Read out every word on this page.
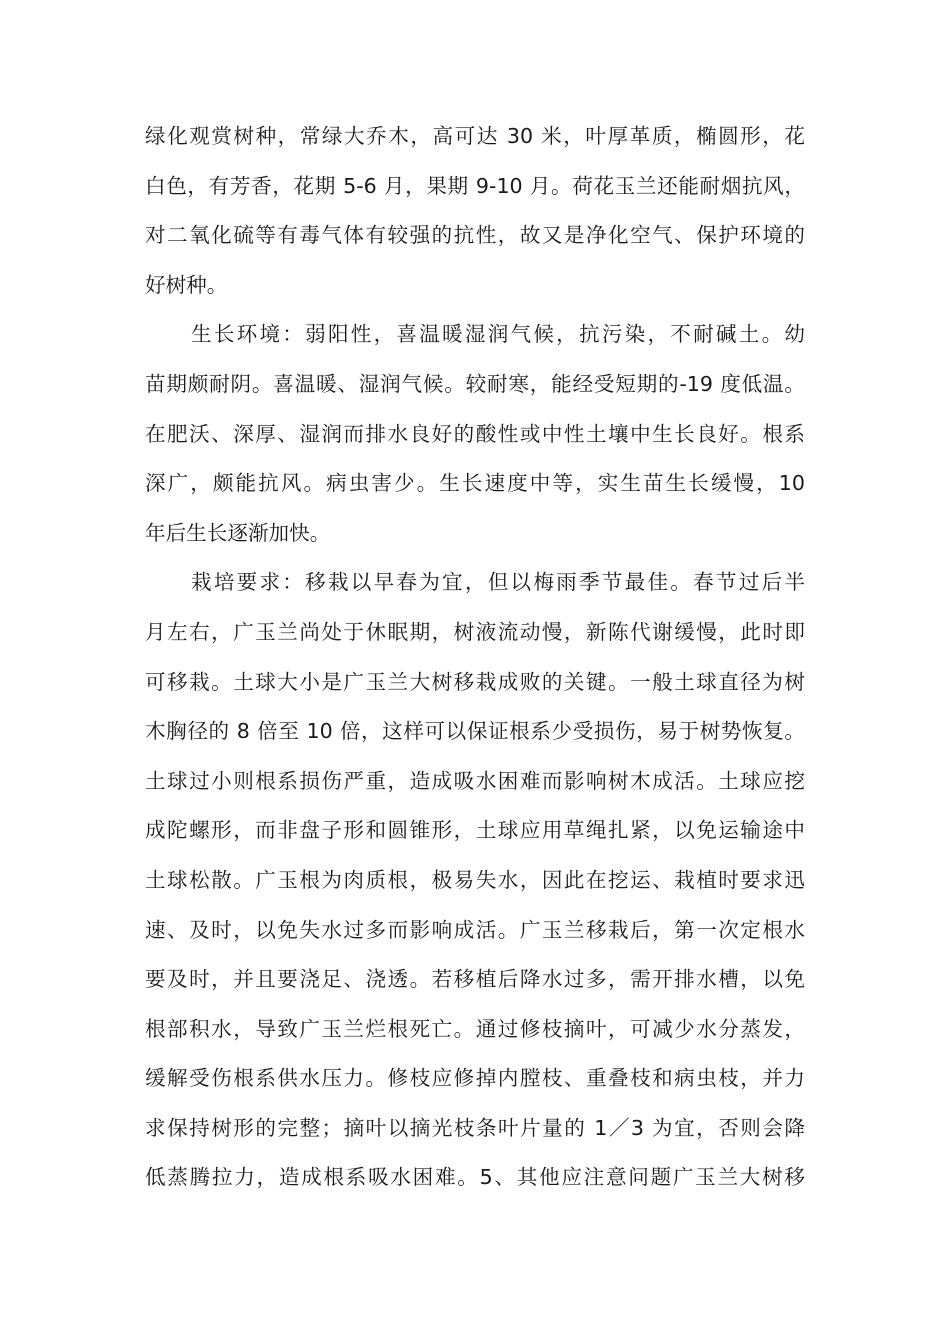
绿化观赏树种，常绿大乔木，高可达 30 米，叶厚革质，椭圆形，花
白色，有芳香，花期 5-6 月，果期 9-10 月。荷花玉兰还能耐烟抗风，
对二氧化硫等有毒气体有较强的抗性，故又是净化空气、保护环境的
好树种。
生长环境：弱阳性，喜温暖湿润气候，抗污染，不耐碱土。幼
苗期颇耐阴。喜温暖、湿润气候。较耐寒，能经受短期的-19 度低温。
在肥沃、深厚、湿润而排水良好的酸性或中性土壤中生长良好。根系
深广，颇能抗风。病虫害少。生长速度中等，实生苗生长缓慢，10
年后生长逐渐加快。
栽培要求：移栽以早春为宜，但以梅雨季节最佳。春节过后半
月左右，广玉兰尚处于休眠期，树液流动慢，新陈代谢缓慢，此时即
可移栽。土球大小是广玉兰大树移栽成败的关键。一般土球直径为树
木胸径的 8 倍至 10 倍，这样可以保证根系少受损伤，易于树势恢复。
土球过小则根系损伤严重，造成吸水困难而影响树木成活。土球应挖
成陀螺形，而非盘子形和圆锥形，土球应用草绳扎紧，以免运输途中
土球松散。广玉根为肉质根，极易失水，因此在挖运、栽植时要求迅
速、及时，以免失水过多而影响成活。广玉兰移栽后，第一次定根水
要及时，并且要浇足、浇透。若移植后降水过多，需开排水槽，以免
根部积水，导致广玉兰烂根死亡。通过修枝摘叶，可减少水分蒸发，
缓解受伤根系供水压力。修枝应修掉内膛枝、重叠枝和病虫枝，并力
求保持树形的完整；摘叶以摘光枝条叶片量的 1／3 为宜，否则会降
低蒸腾拉力，造成根系吸水困难。5、其他应注意问题广玉兰大树移
